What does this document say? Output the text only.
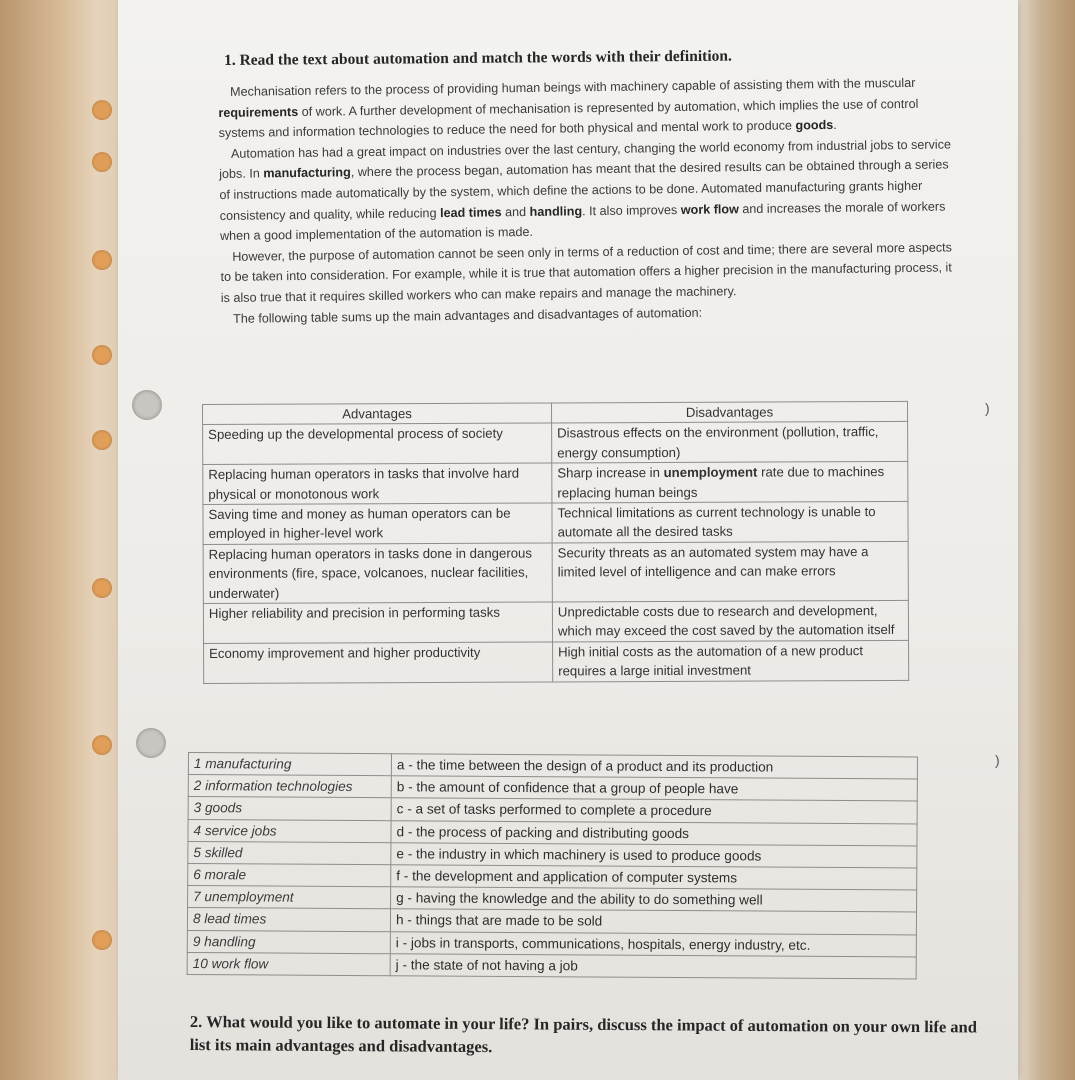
1. Read the text about automation and match the words with their definition.

Mechanisation refers to the process of providing human beings with machinery capable of assisting them with the muscular requirements of work. A further development of mechanisation is represented by automation, which implies the use of control systems and information technologies to reduce the need for both physical and mental work to produce goods.

Automation has had a great impact on industries over the last century, changing the world economy from industrial jobs to service jobs. In manufacturing, where the process began, automation has meant that the desired results can be obtained through a series of instructions made automatically by the system, which define the actions to be done. Automated manufacturing grants higher consistency and quality, while reducing lead times and handling. It also improves work flow and increases the morale of workers when a good implementation of the automation is made.

However, the purpose of automation cannot be seen only in terms of a reduction of cost and time; there are several more aspects to be taken into consideration. For example, while it is true that automation offers a higher precision in the manufacturing process, it is also true that it requires skilled workers who can make repairs and manage the machinery.

The following table sums up the main advantages and disadvantages of automation:

Advantages	Disadvantages
Speeding up the developmental process of society	Disastrous effects on the environment (pollution, traffic, energy consumption)
Replacing human operators in tasks that involve hard physical or monotonous work	Sharp increase in unemployment rate due to machines replacing human beings
Saving time and money as human operators can be employed in higher-level work	Technical limitations as current technology is unable to automate all the desired tasks
Replacing human operators in tasks done in dangerous environments (fire, space, volcanoes, nuclear facilities, underwater)	Security threats as an automated system may have a limited level of intelligence and can make errors
Higher reliability and precision in performing tasks	Unpredictable costs due to research and development, which may exceed the cost saved by the automation itself
Economy improvement and higher productivity	High initial costs as the automation of a new product requires a large initial investment
1 manufacturing	a - the time between the design of a product and its production
2 information technologies	b - the amount of confidence that a group of people have
3 goods	c - a set of tasks performed to complete a procedure
4 service jobs	d - the process of packing and distributing goods
5 skilled	e - the industry in which machinery is used to produce goods
6 morale	f - the development and application of computer systems
7 unemployment	g - having the knowledge and the ability to do something well
8 lead times	h - things that are made to be sold
9 handling	i - jobs in transports, communications, hospitals, energy industry, etc.
10 work flow	j - the state of not having a job
2. What would you like to automate in your life? In pairs, discuss the impact of automation on your own life and list its main advantages and disadvantages.
)
)
